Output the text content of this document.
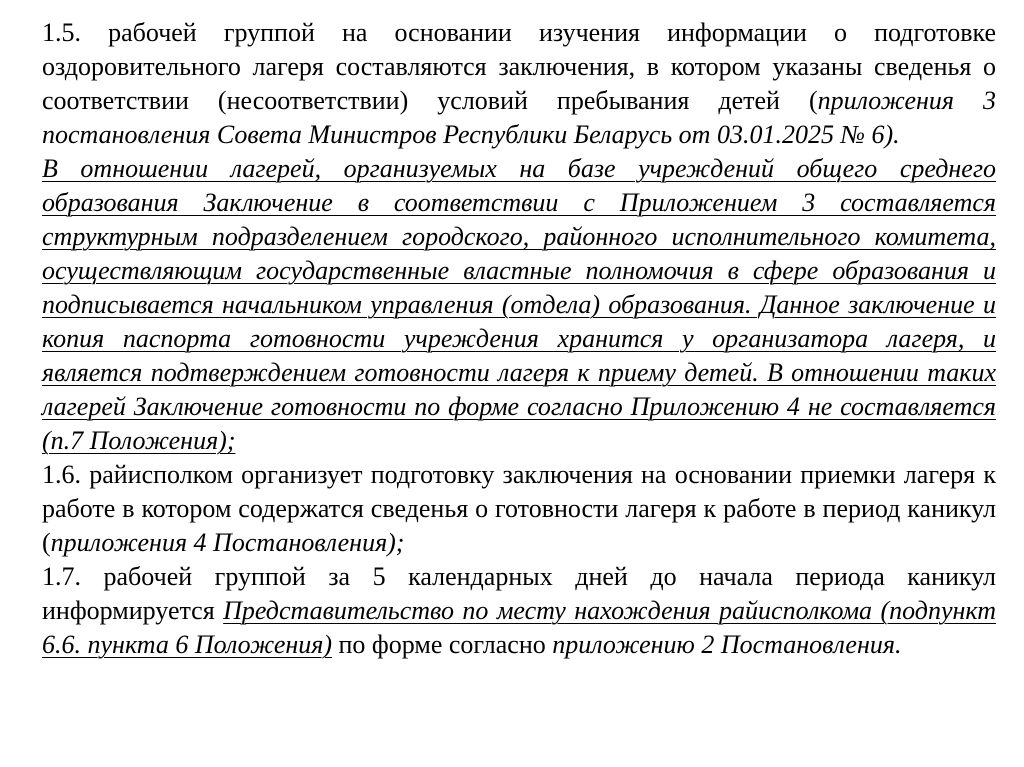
1.5. рабочей группой на основании изучения информации о подготовке оздоровительного лагеря составляются заключения, в котором указаны сведенья о соответствии (несоответствии) условий пребывания детей (приложения 3 постановления Совета Министров Республики Беларусь от 03.01.2025 № 6).

В отношении лагерей, организуемых на базе учреждений общего среднего образования Заключение в соответствии с Приложением 3 составляется структурным подразделением городского, районного исполнительного комитета, осуществляющим государственные властные полномочия в сфере образования и подписывается начальником управления (отдела) образования. Данное заключение и копия паспорта готовности учреждения хранится у организатора лагеря, и является подтверждением готовности лагеря к приему детей. В отношении таких лагерей Заключение готовности по форме согласно Приложению 4 не составляется (п.7 Положения);

1.6. райисполком организует подготовку заключения на основании приемки лагеря к работе в котором содержатся сведенья о готовности лагеря к работе в период каникул (приложения 4 Постановления);

1.7. рабочей группой за 5 календарных дней до начала периода каникул информируется Представительство по месту нахождения райисполкома (подпункт 6.6. пункта 6 Положения) по форме согласно приложению 2 Постановления.
